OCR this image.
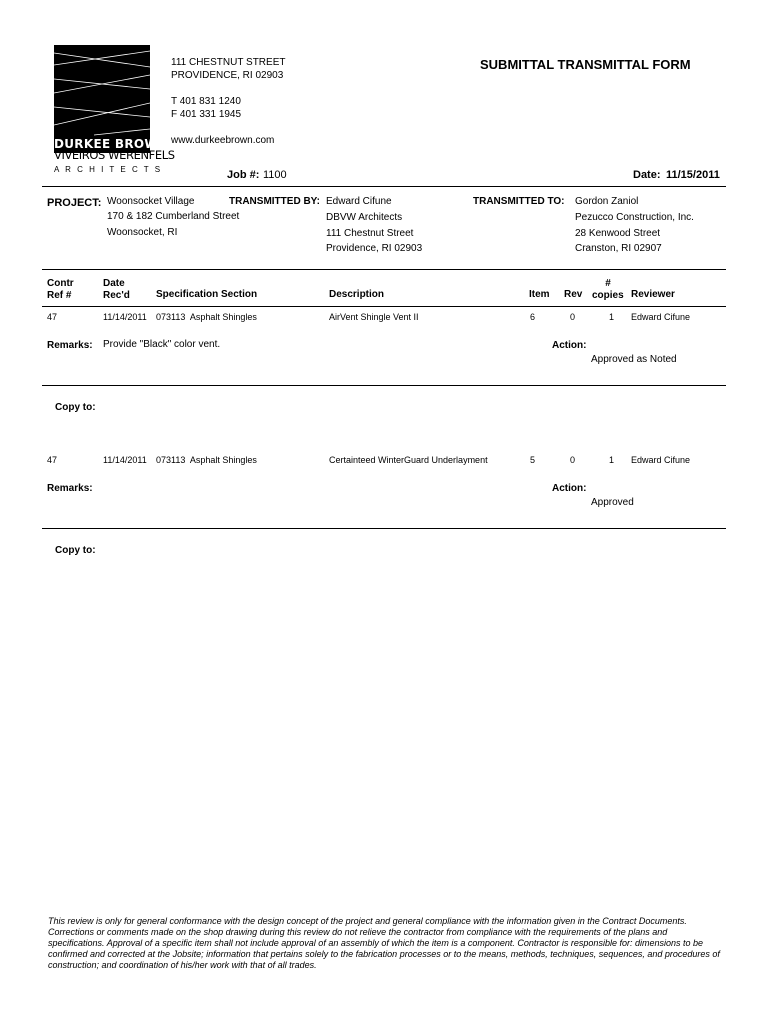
DURKEE BROWN
VIVEIROS WERENFELS
A R C H I T E C T S
111 CHESTNUT STREET
PROVIDENCE, RI 02903
T 401 831 1240
F 401 331 1945
www.durkeebrown.com
SUBMITTAL TRANSMITTAL FORM
Job #: 1100	Date: 11/15/2011
PROJECT: Woonsocket Village
170 & 182 Cumberland Street
Woonsocket, RI
TRANSMITTED BY: Edward Cifune
DBVW Architects
111 Chestnut Street
Providence, RI 02903
TRANSMITTED TO: Gordon Zaniol
Pezucco Construction, Inc.
28 Kenwood Street
Cranston, RI 02907
Contr
Ref #
Date
Rec'd	Specification Section	Description	Item Rev
#
copies Reviewer
47	11/14/2011 073113  Asphalt Shingles	AirVent Shingle Vent II	6	0	1 Edward Cifune
Remarks: Provide "Black" color vent.	Action:
Approved as Noted
Copy to:
47	11/14/2011 073113  Asphalt Shingles	Certainteed WinterGuard Underlayment	5	0	1 Edward Cifune
Remarks:	Action:
Approved
Copy to:
This review is only for general conformance with the design concept of the project and general compliance with the information given in the Contract Documents. Corrections or comments made on the shop drawing during this review do not relieve the contractor from compliance with the requirements of the plans and specifications. Approval of a specific item shall not include approval of an assembly of which the item is a component. Contractor is responsible for: dimensions to be confirmed and corrected at the Jobsite; information that pertains solely to the fabrication processes or to the means, methods, techniques, sequences, and procedures of construction; and coordination of his/her work with that of all trades.
